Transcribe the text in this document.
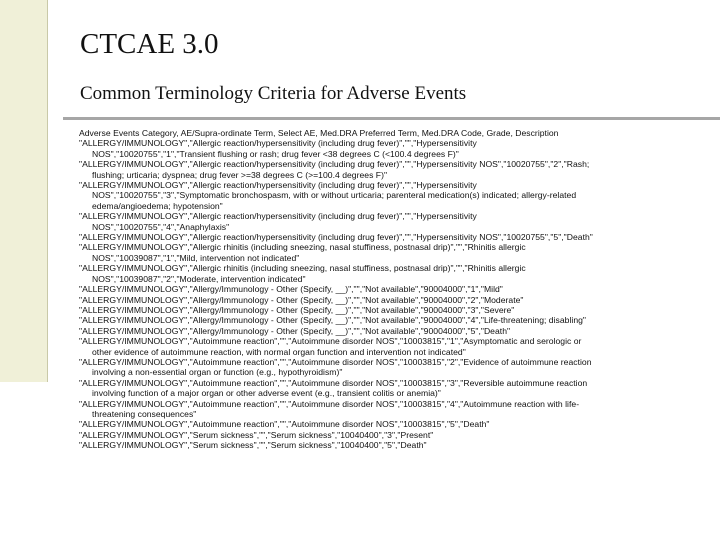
CTCAE 3.0
Common Terminology Criteria for Adverse Events
Adverse Events Category, AE/Supra-ordinate Term, Select AE, Med.DRA Preferred Term, Med.DRA Code, Grade, Description
"ALLERGY/IMMUNOLOGY","Allergic reaction/hypersensitivity (including drug fever)","","Hypersensitivity
NOS","10020755","1","Transient flushing or rash; drug fever <38 degrees C (<100.4 degrees F)"
"ALLERGY/IMMUNOLOGY","Allergic reaction/hypersensitivity (including drug fever)","","Hypersensitivity NOS","10020755","2","Rash;
flushing; urticaria; dyspnea; drug fever >=38 degrees C (>=100.4 degrees F)"
"ALLERGY/IMMUNOLOGY","Allergic reaction/hypersensitivity (including drug fever)","","Hypersensitivity
NOS","10020755","3","Symptomatic bronchospasm, with or without urticaria; parenteral medication(s) indicated; allergy-related
edema/angioedema; hypotension"
"ALLERGY/IMMUNOLOGY","Allergic reaction/hypersensitivity (including drug fever)","","Hypersensitivity
NOS","10020755","4","Anaphylaxis"
"ALLERGY/IMMUNOLOGY","Allergic reaction/hypersensitivity (including drug fever)","","Hypersensitivity NOS","10020755","5","Death"
"ALLERGY/IMMUNOLOGY","Allergic rhinitis (including sneezing, nasal stuffiness, postnasal drip)","","Rhinitis allergic
NOS","10039087","1","Mild, intervention not indicated"
"ALLERGY/IMMUNOLOGY","Allergic rhinitis (including sneezing, nasal stuffiness, postnasal drip)","","Rhinitis allergic
NOS","10039087","2","Moderate, intervention indicated"
"ALLERGY/IMMUNOLOGY","Allergy/Immunology - Other (Specify, __)","","Not available","90004000","1","Mild"
"ALLERGY/IMMUNOLOGY","Allergy/Immunology - Other (Specify, __)","","Not available","90004000","2","Moderate"
"ALLERGY/IMMUNOLOGY","Allergy/Immunology - Other (Specify, __)","","Not available","90004000","3","Severe"
"ALLERGY/IMMUNOLOGY","Allergy/Immunology - Other (Specify, __)","","Not available","90004000","4","Life-threatening; disabling"
"ALLERGY/IMMUNOLOGY","Allergy/Immunology - Other (Specify, __)","","Not available","90004000","5","Death"
"ALLERGY/IMMUNOLOGY","Autoimmune reaction","","Autoimmune disorder NOS","10003815","1","Asymptomatic and serologic or
other evidence of autoimmune reaction, with normal organ function and intervention not indicated"
"ALLERGY/IMMUNOLOGY","Autoimmune reaction","","Autoimmune disorder NOS","10003815","2","Evidence of autoimmune reaction
involving a non-essential organ or function (e.g., hypothyroidism)"
"ALLERGY/IMMUNOLOGY","Autoimmune reaction","","Autoimmune disorder NOS","10003815","3","Reversible autoimmune reaction
involving function of a major organ or other adverse event (e.g., transient colitis or anemia)"
"ALLERGY/IMMUNOLOGY","Autoimmune reaction","","Autoimmune disorder NOS","10003815","4","Autoimmune reaction with life-
threatening consequences"
"ALLERGY/IMMUNOLOGY","Autoimmune reaction","","Autoimmune disorder NOS","10003815","5","Death"
"ALLERGY/IMMUNOLOGY","Serum sickness","","Serum sickness","10040400","3","Present"
"ALLERGY/IMMUNOLOGY","Serum sickness","","Serum sickness","10040400","5","Death"
